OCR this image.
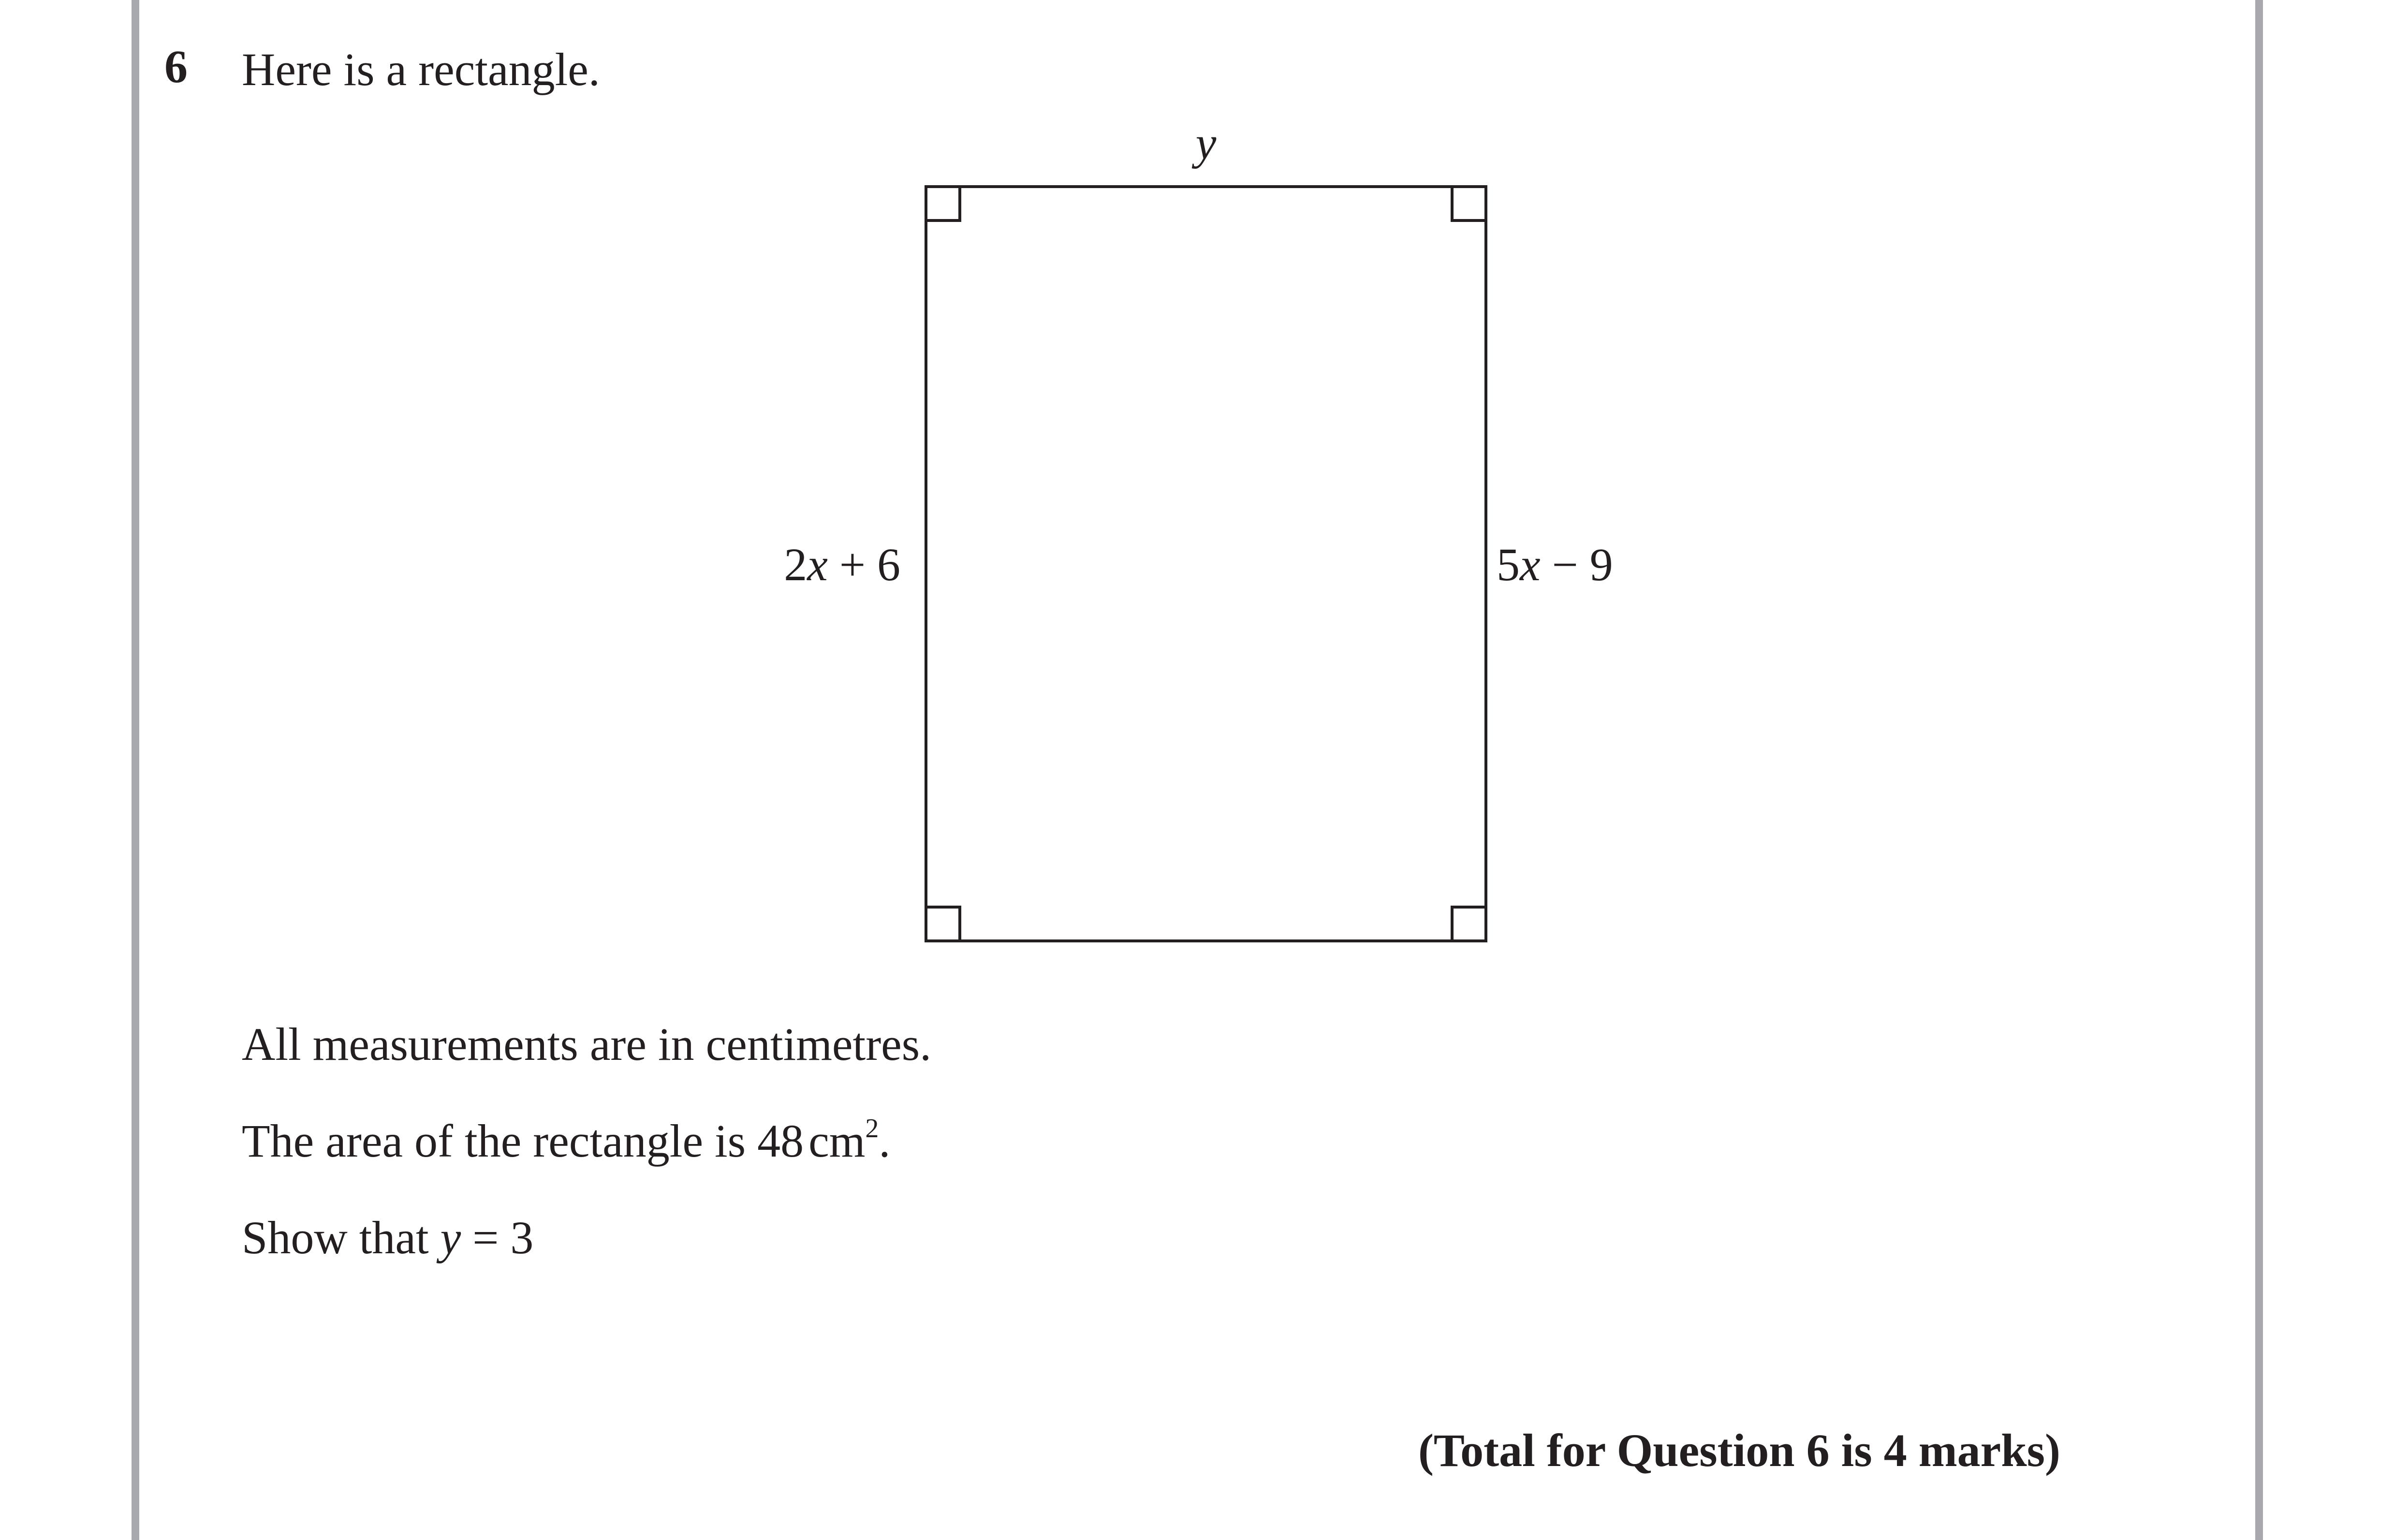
6 Here is a rectangle.

y
2x + 6	5x − 9

All measurements are in centimetres.

The area of the rectangle is 48 $cm^2$.

Show that y = 3

(Total for Question 6 is 4 marks)
